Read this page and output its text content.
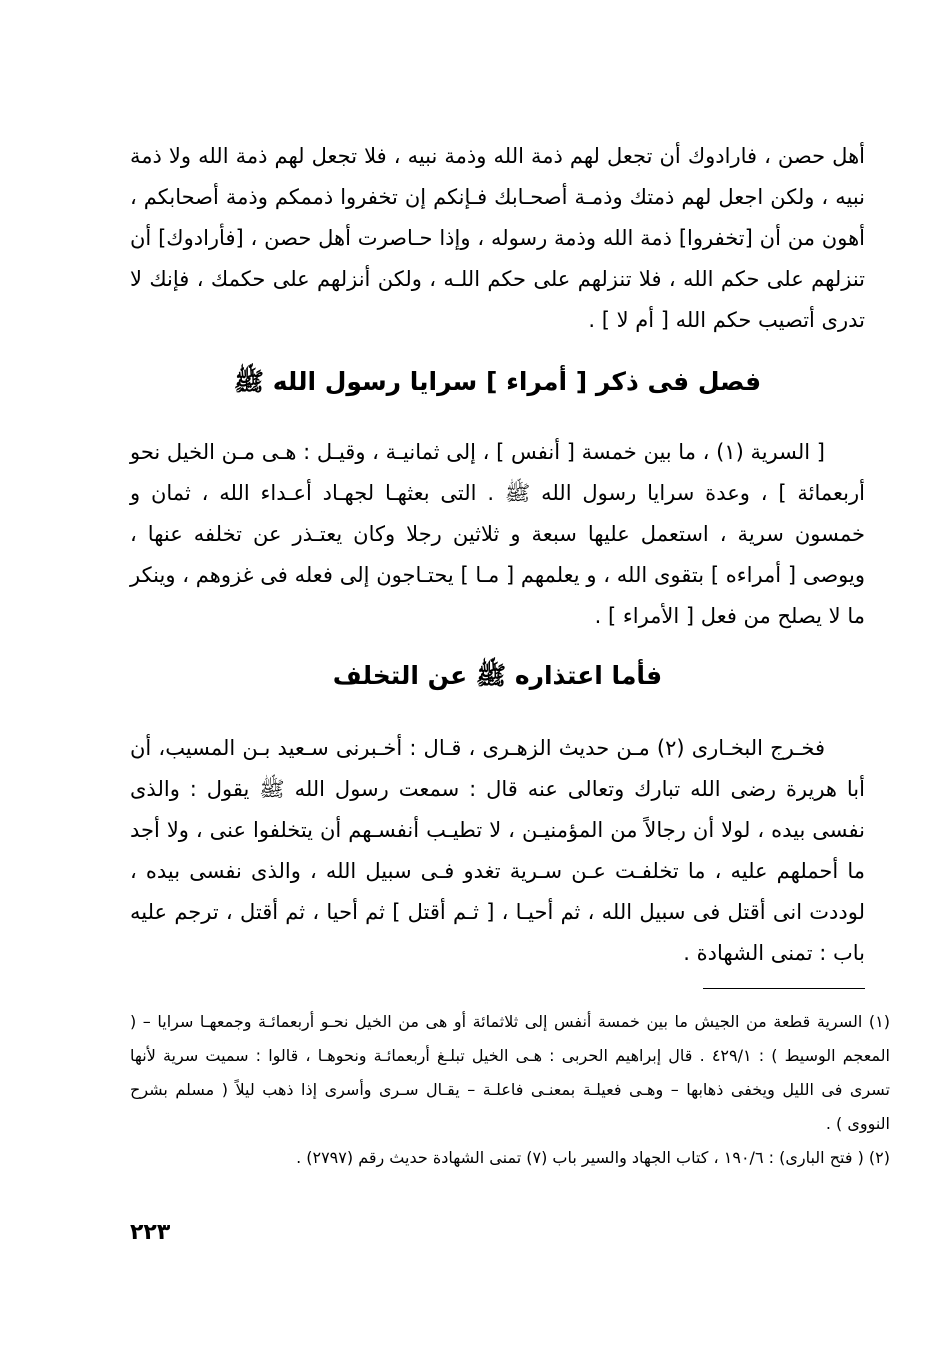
أهل حصن ، فارادوك أن تجعل لهم ذمة الله وذمة نبيه ، فلا تجعل لهم ذمة الله ولا ذمة نبيه ، ولكن اجعل لهم ذمتك وذمـة أصحـابك فـإنكم إن تخفروا ذممكم وذمة أصحابكم ، أهون من أن [تخفروا] ذمة الله وذمة رسوله ، وإذا حـاصرت أهل حصن ، [فأرادوك] أن تنزلهم على حكم الله ، فلا تنزلهم على حكم اللـه ، ولكن أنزلهم على حكمك ، فإنك لا تدرى أتصيب حكم الله [ أم لا ] .

فصل فى ذكر [ أمراء ] سرايا رسول الله ﷺ

[ السرية (١) ، ما بين خمسة [ أنفس ] ، إلى ثمانيـة ، وقيـل : هـى مـن الخيل نحو أربعمائة ] ، وعدة سرايا رسول الله ﷺ . التى بعثهـا لجهـاد أعـداء الله ، ثمان و خمسون سرية ، استعمل عليها سبعة و ثلاثين رجلا وكان يعتـذر عن تخلفه عنها ، ويوصى [ أمراءه ] بتقوى الله ، و يعلمهم [ مـا ] يحتـاجون إلى فعله فى غزوهم ، وينكر ما لا يصلح من فعل [ الأمراء ] .

فأما اعتذاره ﷺ عن التخلف

فخـرج البخـارى (٢) مـن حديث الزهـرى ، قـال : أخـبرنى سـعيد بـن المسيب، أن أبا هريرة رضى الله تبارك وتعالى عنه قال : سمعت رسول الله ﷺ يقول : والذى نفسى بيده ، لولا أن رجالاً من المؤمنيـن ، لا تطيـب أنفسـهم أن يتخلفوا عنى ، ولا أجد ما أحملهم عليه ، ما تخلفـت عـن سـرية تغدو فـى سبيل الله ، والذى نفسى بيده ، لوددت انى أقتل فى سبيل الله ، ثم أحيـا ، [ ثـم أقتل ] ثم أحيا ، ثم أقتل ، ترجم عليه باب : تمنى الشهادة .

(١) السرية قطعة من الجيش ما بين خمسة أنفس إلى ثلاثمائة أو هى من الخيل نحـو أربعمائـة وجمعهـا سرايا – ( المعجم الوسيط ) : ٤٢٩/١ . قال إبراهيم الحربى : هـى الخيل تبلـغ أربعمائـة ونحوهـا ، قالوا : سميت سرية لأنها تسرى فى الليل ويخفى ذهابها – وهـى فعيلـة بمعنـى فاعلـة – يقـال سـرى وأسرى إذا ذهب ليلاً ( مسلم بشرح النووى ) .

(٢) ( فتح البارى) : ١٩٠/٦ ، كتاب الجهاد والسير باب (٧) تمنى الشهادة حديث رقم (٢٧٩٧) .

٢٢٣
